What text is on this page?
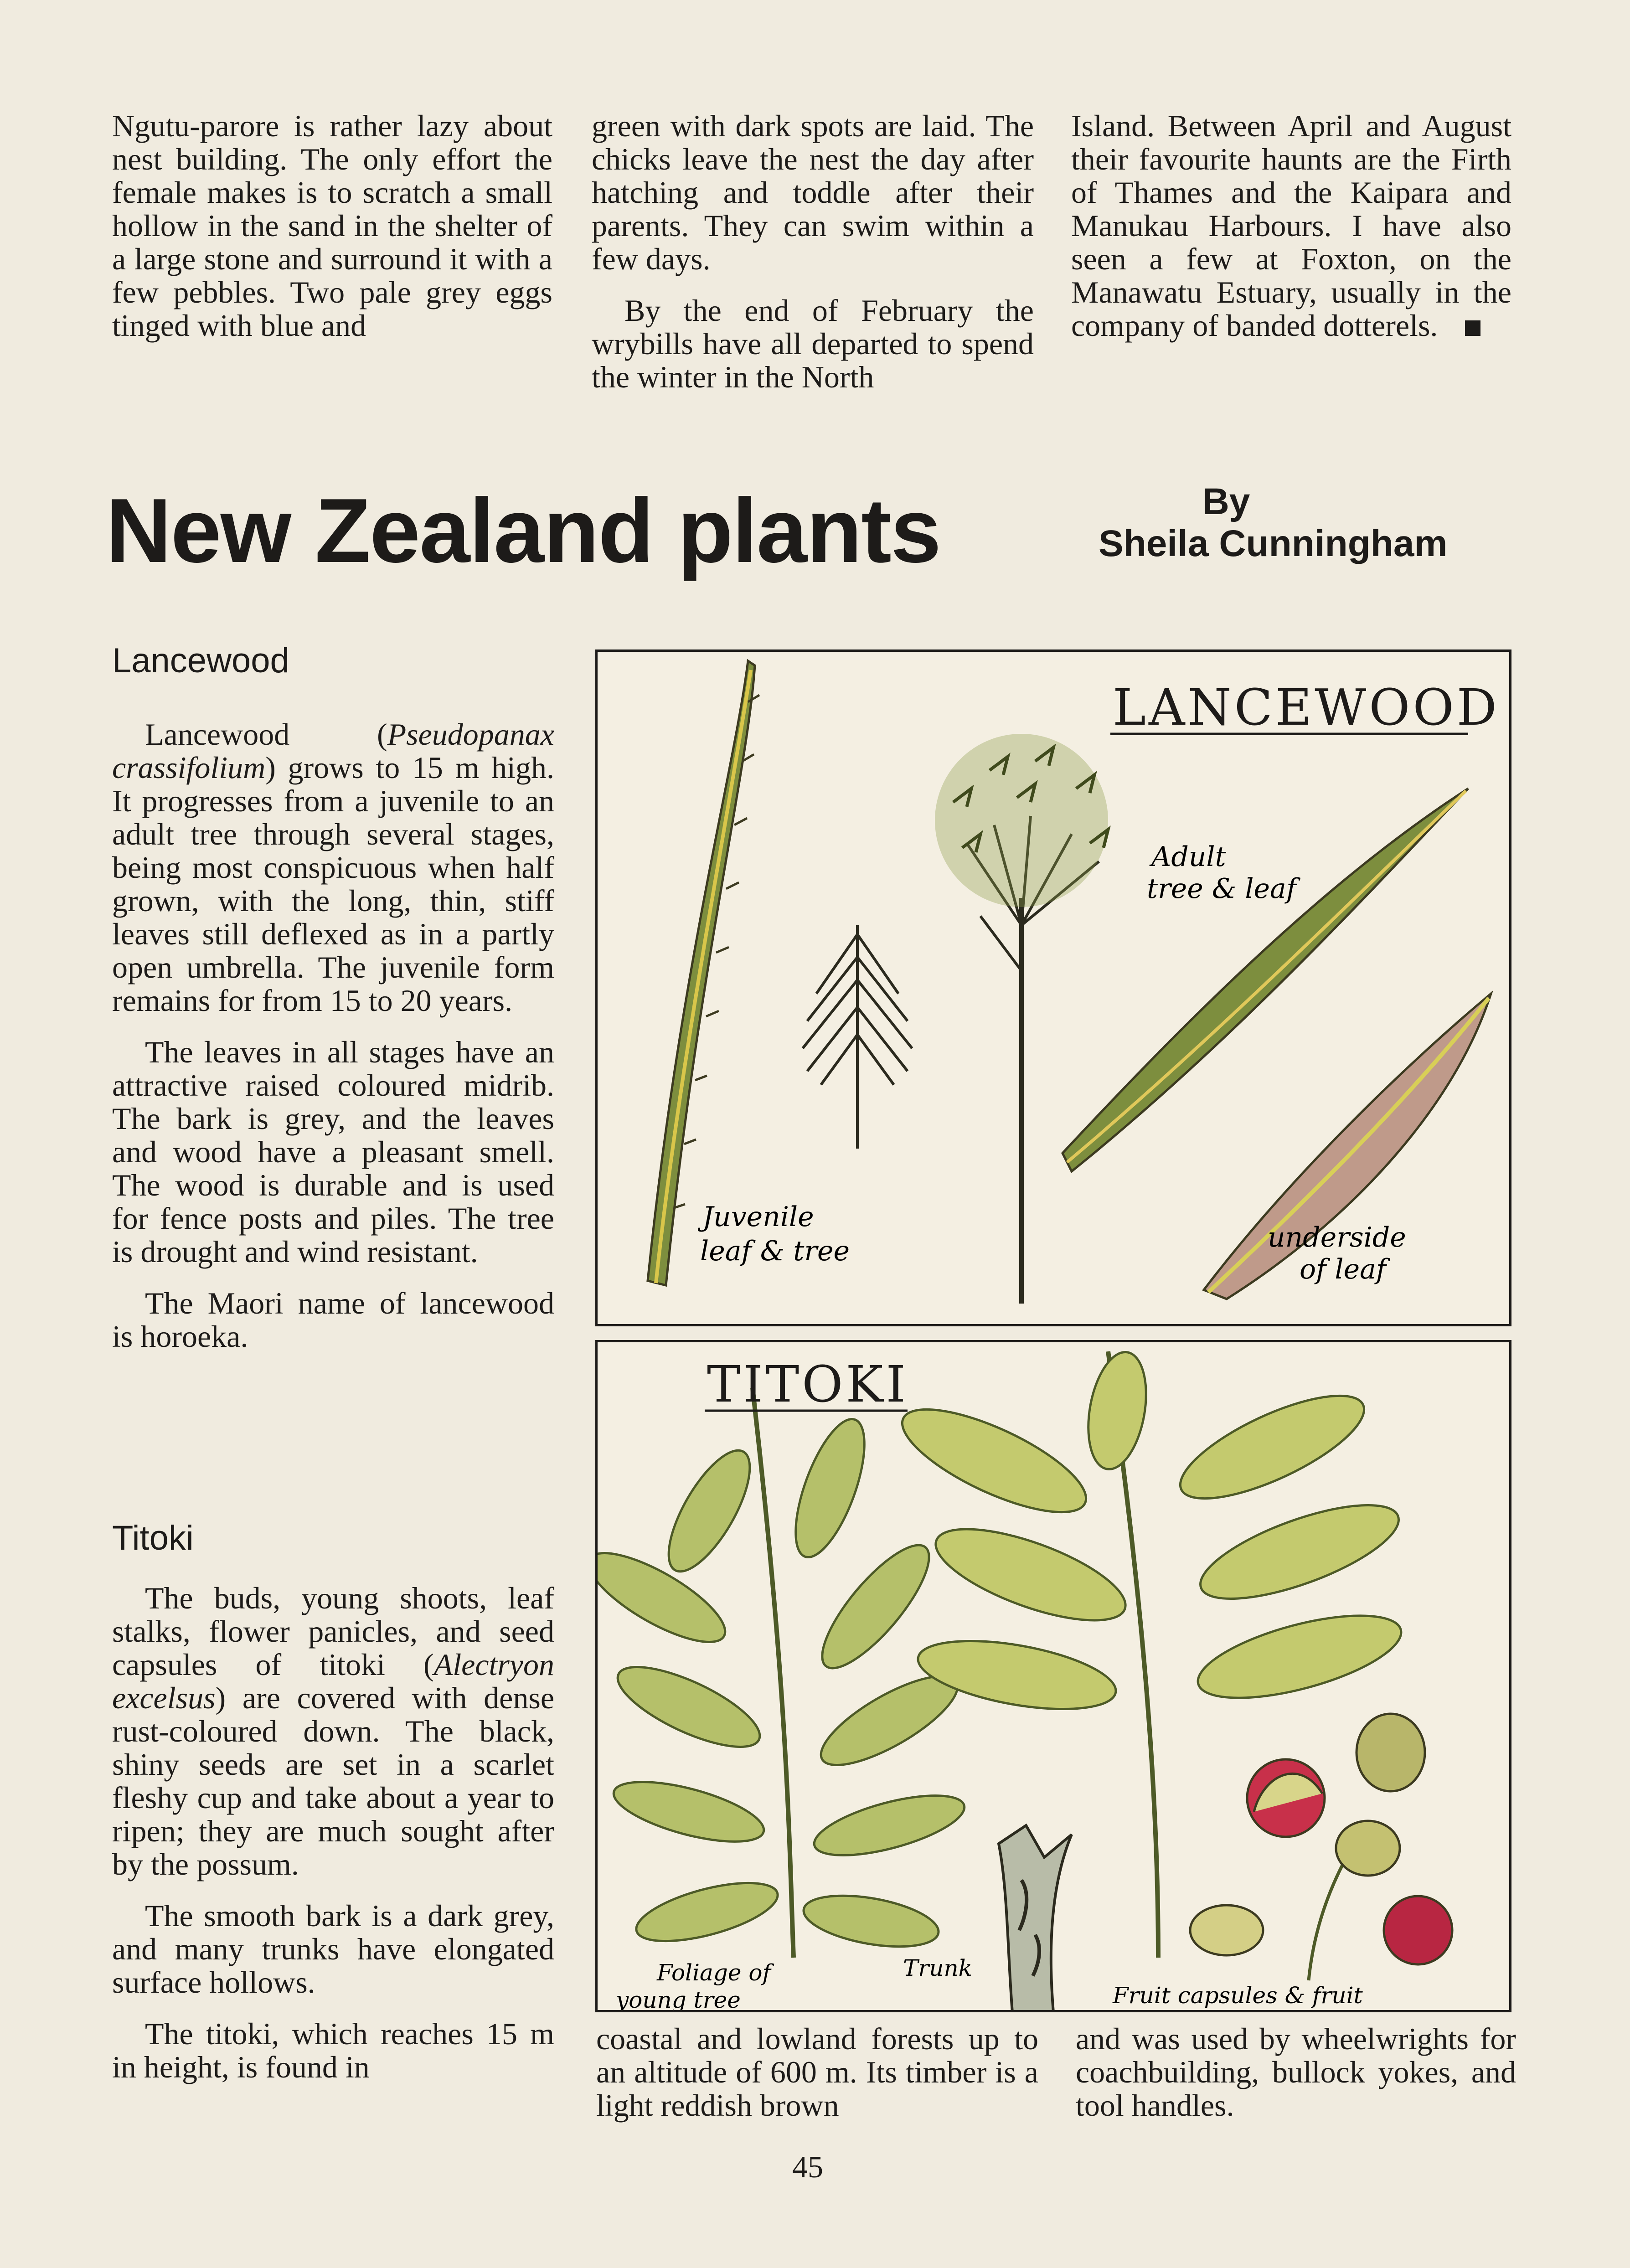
Ngutu-parore is rather lazy about nest building. The only effort the female makes is to scratch a small hollow in the sand in the shelter of a large stone and surround it with a few pebbles. Two pale grey eggs tinged with blue and

green with dark spots are laid. The chicks leave the nest the day after hatching and toddle after their parents. They can swim within a few days.

By the end of February the wrybills have all departed to spend the winter in the North

Island. Between April and August their favourite haunts are the Firth of Thames and the Kaipara and Manukau Harbours. I have also seen a few at Foxton, on the Manawatu Estuary, usually in the company of banded dotterels.

New Zealand plants	By
Sheila Cunningham
Lancewood

Lancewood (Pseudopanax crassifolium) grows to 15 m high. It progresses from a juvenile to an adult tree through several stages, being most conspicuous when half grown, with the long, thin, stiff leaves still deflexed as in a partly open umbrella. The juvenile form remains for from 15 to 20 years.

The leaves in all stages have an attractive raised coloured midrib. The bark is grey, and the leaves and wood have a pleasant smell. The wood is durable and is used for fence posts and piles. The tree is drought and wind resistant.

The Maori name of lancewood is horoeka.

Titoki

The buds, young shoots, leaf stalks, flower panicles, and seed capsules of titoki (Alectryon excelsus) are covered with dense rust-coloured down. The black, shiny seeds are set in a scarlet fleshy cup and take about a year to ripen; they are much sought after by the possum.

The smooth bark is a dark grey, and many trunks have elongated surface hollows.

The titoki, which reaches 15 m in height, is found in

coastal and lowland forests up to an altitude of 600 m. Its timber is a light reddish brown

and was used by wheelwrights for coachbuilding, bullock yokes, and tool handles.

LANCEWOOD
Adult
tree & leaf
Juvenile
leaf & tree	underside
of leaf
TITOKI
Foliage of
young tree
Trunk
Fruit capsules & fruit
45
